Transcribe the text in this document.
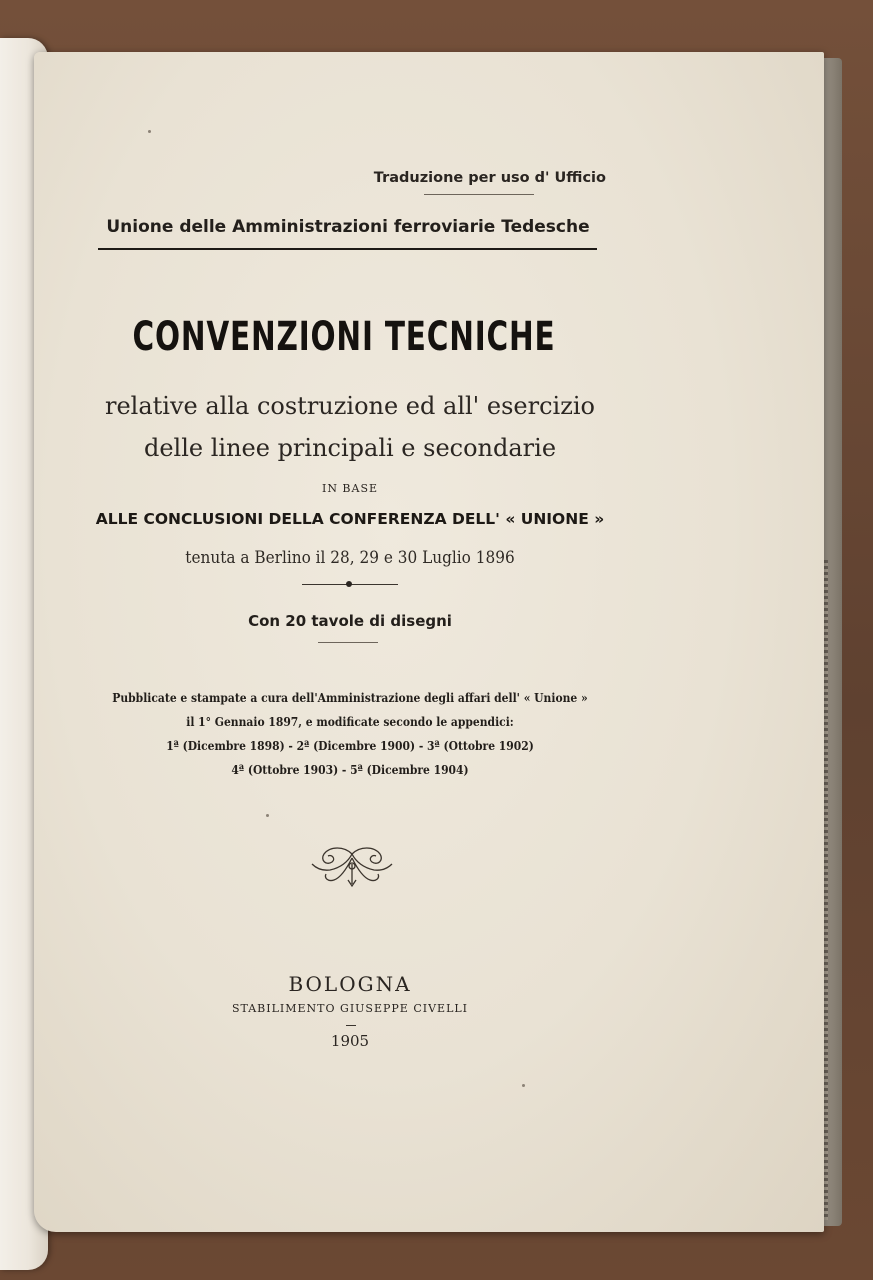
Traduzione per uso d' Ufficio
Unione delle Amministrazioni ferroviarie Tedesche
CONVENZIONI TECNICHE
relative alla costruzione ed all' esercizio
delle linee principali e secondarie
IN BASE
ALLE CONCLUSIONI DELLA CONFERENZA DELL' « UNIONE »
tenuta a Berlino il 28, 29 e 30 Luglio 1896
Con 20 tavole di disegni
Pubblicate e stampate a cura dell'Amministrazione degli affari dell' « Unione »
il 1° Gennaio 1897, e modificate secondo le appendici:
1ª (Dicembre 1898) - 2ª (Dicembre 1900) - 3ª (Ottobre 1902)
4ª (Ottobre 1903) - 5ª (Dicembre 1904)
BOLOGNA
STABILIMENTO GIUSEPPE CIVELLI
1905
